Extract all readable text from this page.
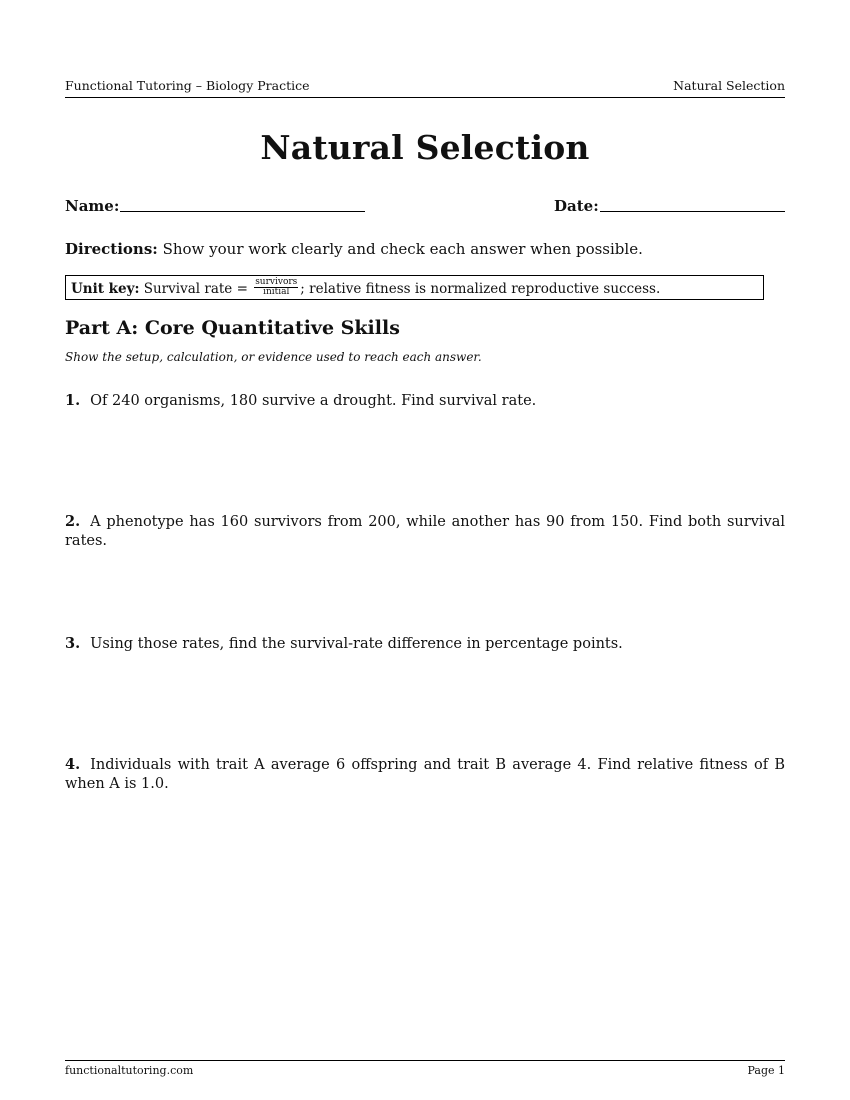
Functional Tutoring – Biology Practice	Natural Selection
Natural Selection
Name:	Date:
Directions: Show your work clearly and check each answer when possible.
Unit key: Survival rate = $\frac{\text{survivors}}{\text{initial}}$ ; relative fitness is normalized reproductive success.
Part A: Core Quantitative Skills
Show the setup, calculation, or evidence used to reach each answer.
1. Of 240 organisms, 180 survive a drought. Find survival rate.
2. A phenotype has 160 survivors from 200, while another has 90 from 150. Find both survival rates.
3. Using those rates, find the survival-rate difference in percentage points.
4. Individuals with trait A average 6 offspring and trait B average 4. Find relative fitness of B when A is 1.0.
functionaltutoring.com	Page 1
